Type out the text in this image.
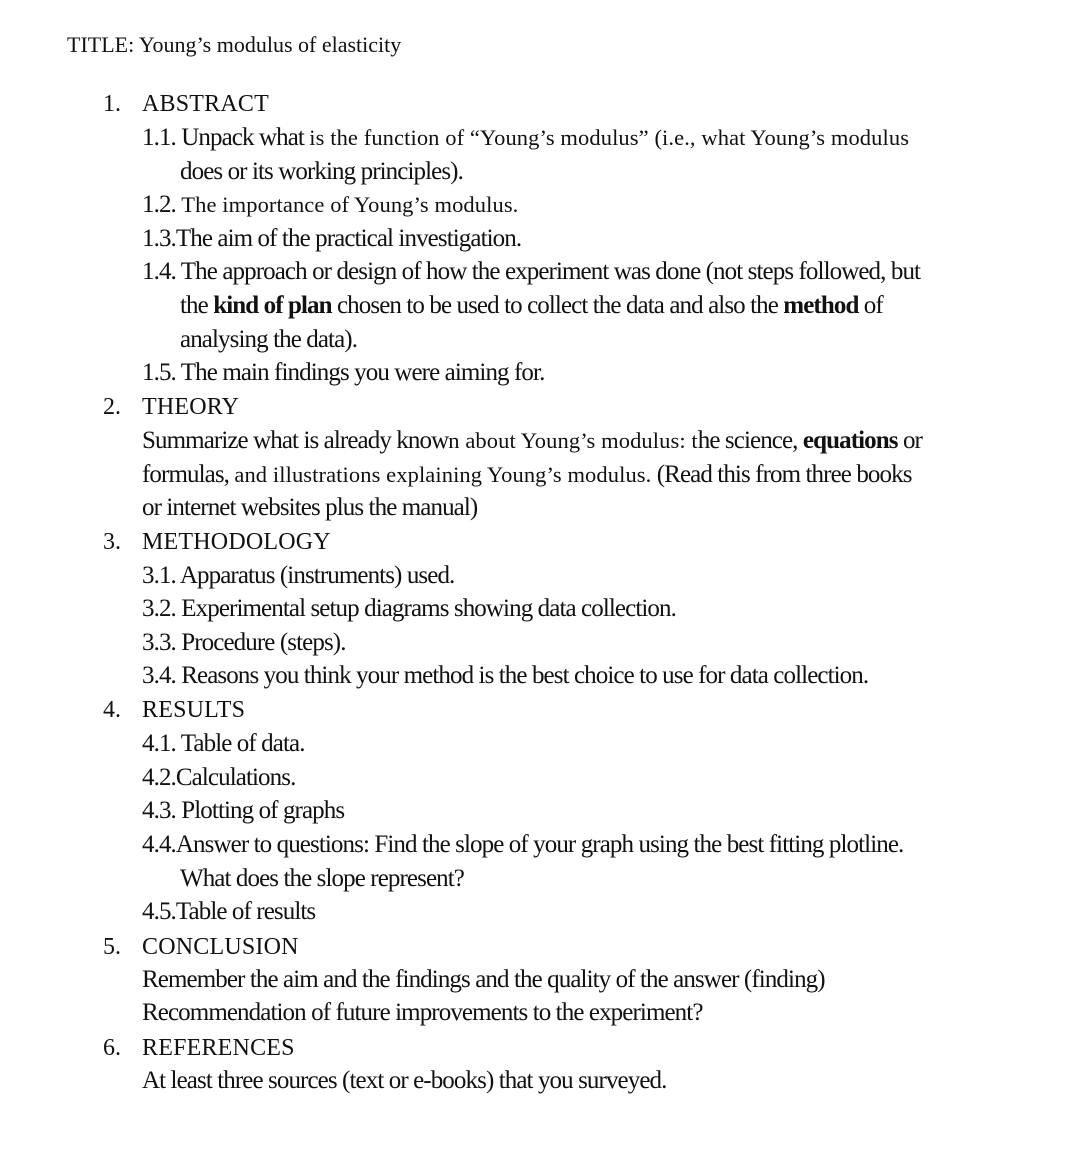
TITLE: Young’s modulus of elasticity
1. ABSTRACT
1.1. Unpack what is the function of “Young’s modulus” (i.e., what Young’s modulus
does or its working principles).
1.2. The importance of Young’s modulus.
1.3.The aim of the practical investigation.
1.4. The approach or design of how the experiment was done (not steps followed, but
the kind of plan chosen to be used to collect the data and also the method of
analysing the data).
1.5. The main findings you were aiming for.
2. THEORY
Summarize what is already known about Young’s modulus: the science, equations or
formulas, and illustrations explaining Young’s modulus. (Read this from three books
or internet websites plus the manual)
3. METHODOLOGY
3.1. Apparatus (instruments) used.
3.2. Experimental setup diagrams showing data collection.
3.3. Procedure (steps).
3.4. Reasons you think your method is the best choice to use for data collection.
4. RESULTS
4.1. Table of data.
4.2.Calculations.
4.3. Plotting of graphs
4.4.Answer to questions: Find the slope of your graph using the best fitting plotline.
What does the slope represent?
4.5.Table of results
5. CONCLUSION
Remember the aim and the findings and the quality of the answer (finding)
Recommendation of future improvements to the experiment?
6. REFERENCES
At least three sources (text or e-books) that you surveyed.
